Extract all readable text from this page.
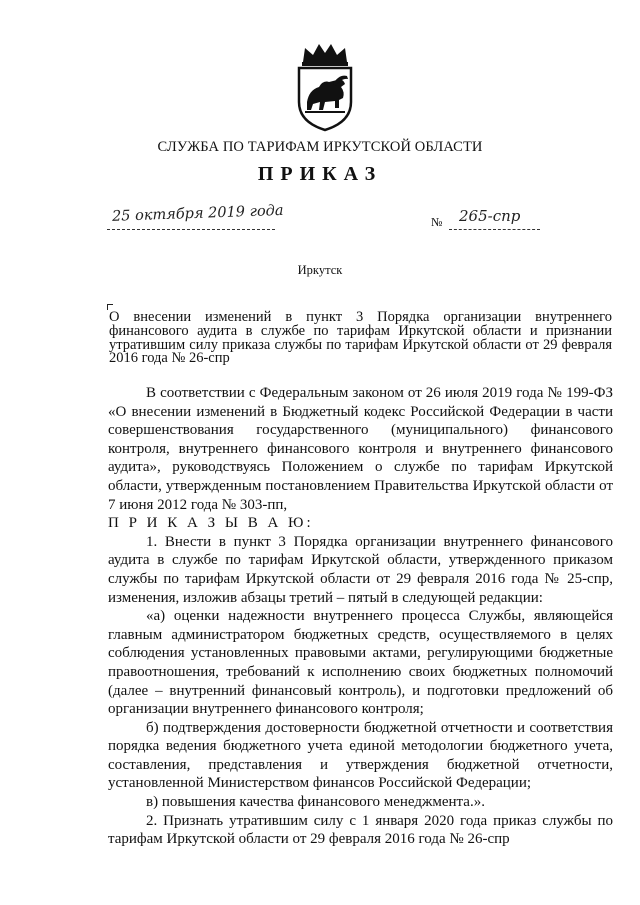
СЛУЖБА ПО ТАРИФАМ ИРКУТСКОЙ ОБЛАСТИ
ПРИКАЗ
25 октября 2019 года	№ 265-спр
Иркутск
О внесении изменений в пункт 3 Порядка организации внутреннего финансового аудита в службе по тарифам Иркутской области и признании утратившим силу приказа службы по тарифам Иркутской области от 29 февраля 2016 года № 26-спр

В соответствии с Федеральным законом от 26 июля 2019 года № 199-ФЗ «О внесении изменений в Бюджетный кодекс Российской Федерации в части совершенствования государственного (муниципального) финансового контроля, внутреннего финансового контроля и внутреннего финансового аудита», руководствуясь Положением о службе по тарифам Иркутской области, утвержденным постановлением Правительства Иркутской области от 7 июня 2012 года № 303-пп,

П Р И К А З Ы В А Ю:

1. Внести в пункт 3 Порядка организации внутреннего финансового аудита в службе по тарифам Иркутской области, утвержденного приказом службы по тарифам Иркутской области от 29 февраля 2016 года № 25-спр, изменения, изложив абзацы третий – пятый в следующей редакции:

«а) оценки надежности внутреннего процесса Службы, являющейся главным администратором бюджетных средств, осуществляемого в целях соблюдения установленных правовыми актами, регулирующими бюджетные правоотношения, требований к исполнению своих бюджетных полномочий (далее – внутренний финансовый контроль), и подготовки предложений об организации внутреннего финансового контроля;

б) подтверждения достоверности бюджетной отчетности и соответствия порядка ведения бюджетного учета единой методологии бюджетного учета, составления, представления и утверждения бюджетной отчетности, установленной Министерством финансов Российской Федерации;

в) повышения качества финансового менеджмента.».

2. Признать утратившим силу с 1 января 2020 года приказ службы по тарифам Иркутской области от 29 февраля 2016 года № 26-спр
